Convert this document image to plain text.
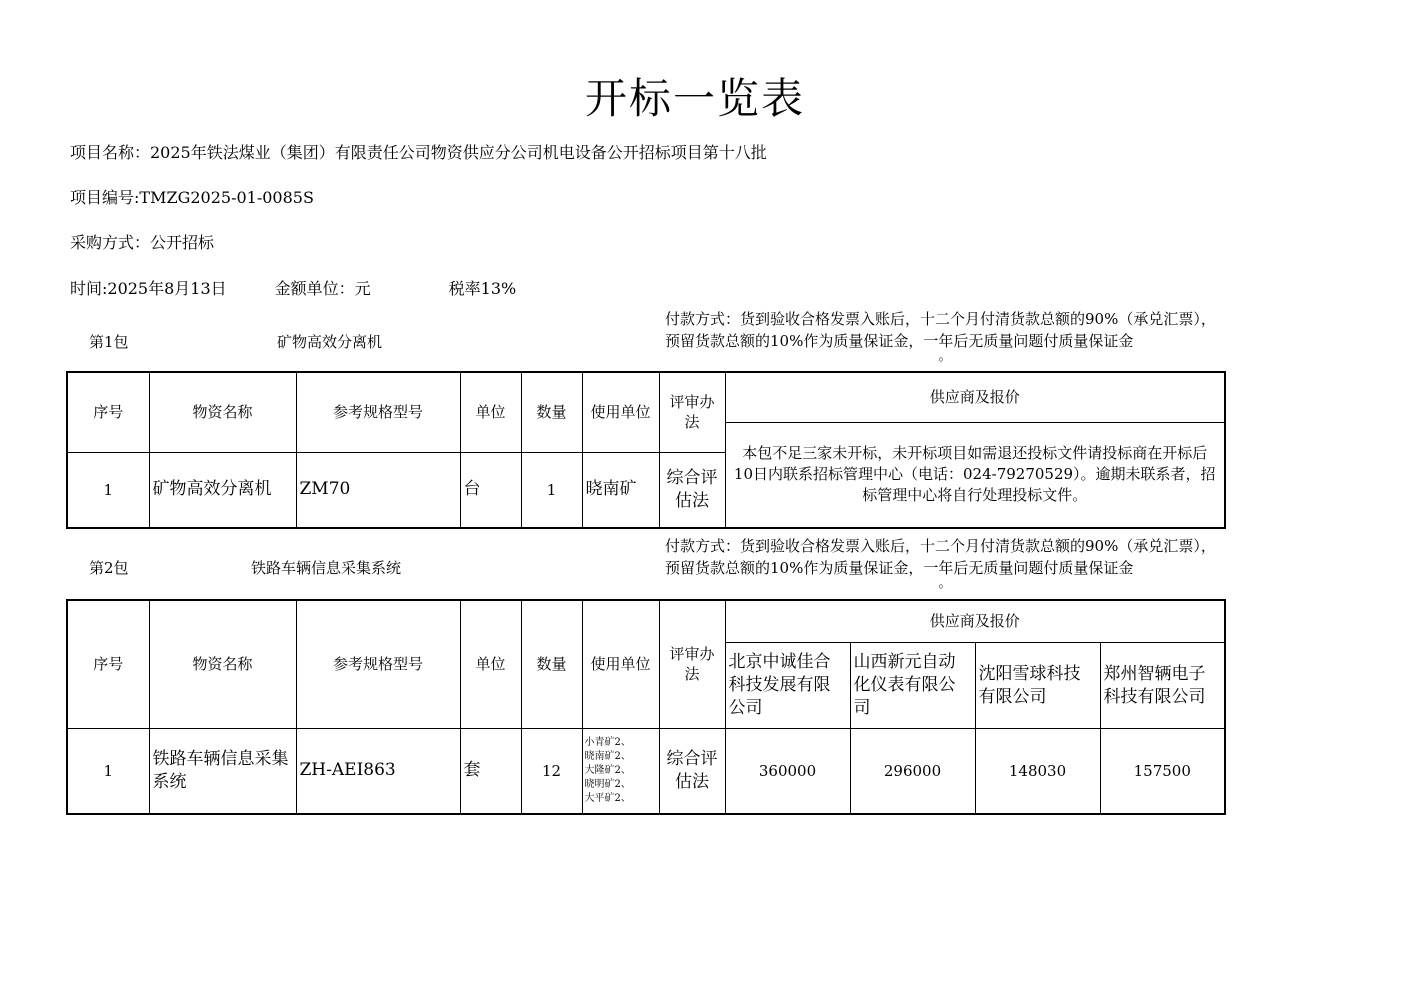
开标一览表
项目名称：2025年铁法煤业（集团）有限责任公司物资供应分公司机电设备公开招标项目第十八批
项目编号:TMZG2025-01-0085S
采购方式：公开招标
时间:2025年8月13日	金额单位：元	税率13%
第1包	矿物高效分离机
付款方式：货到验收合格发票入账后，十二个月付清货款总额的90%（承兑汇票），预留货款总额的10%作为质量保证金，一年后无质量问题付质量保证金
。
序号	物资名称	参考规格型号	单位	数量	使用单位	评审办法	供应商及报价
							本包不足三家未开标，未开标项目如需退还投标文件请投标商在开标后10日内联系招标管理中心（电话：024-79270529）。逾期未联系者，招标管理中心将自行处理投标文件。
1	矿物高效分离机	ZM70	台	1	晓南矿	综合评估法	
第2包	铁路车辆信息采集系统
付款方式：货到验收合格发票入账后，十二个月付清货款总额的90%（承兑汇票），预留货款总额的10%作为质量保证金，一年后无质量问题付质量保证金
。
序号	物资名称	参考规格型号	单位	数量	使用单位	评审办法	供应商及报价			
							北京中诚佳合科技发展有限公司	山西新元自动化仪表有限公司	沈阳雪球科技有限公司	郑州智辆电子科技有限公司
1	铁路车辆信息采集系统	ZH-AEI863	套	12	小青矿2、
晓南矿2、
大隆矿2、
晓明矿2、
大平矿2、	综合评估法	360000	296000	148030	157500
